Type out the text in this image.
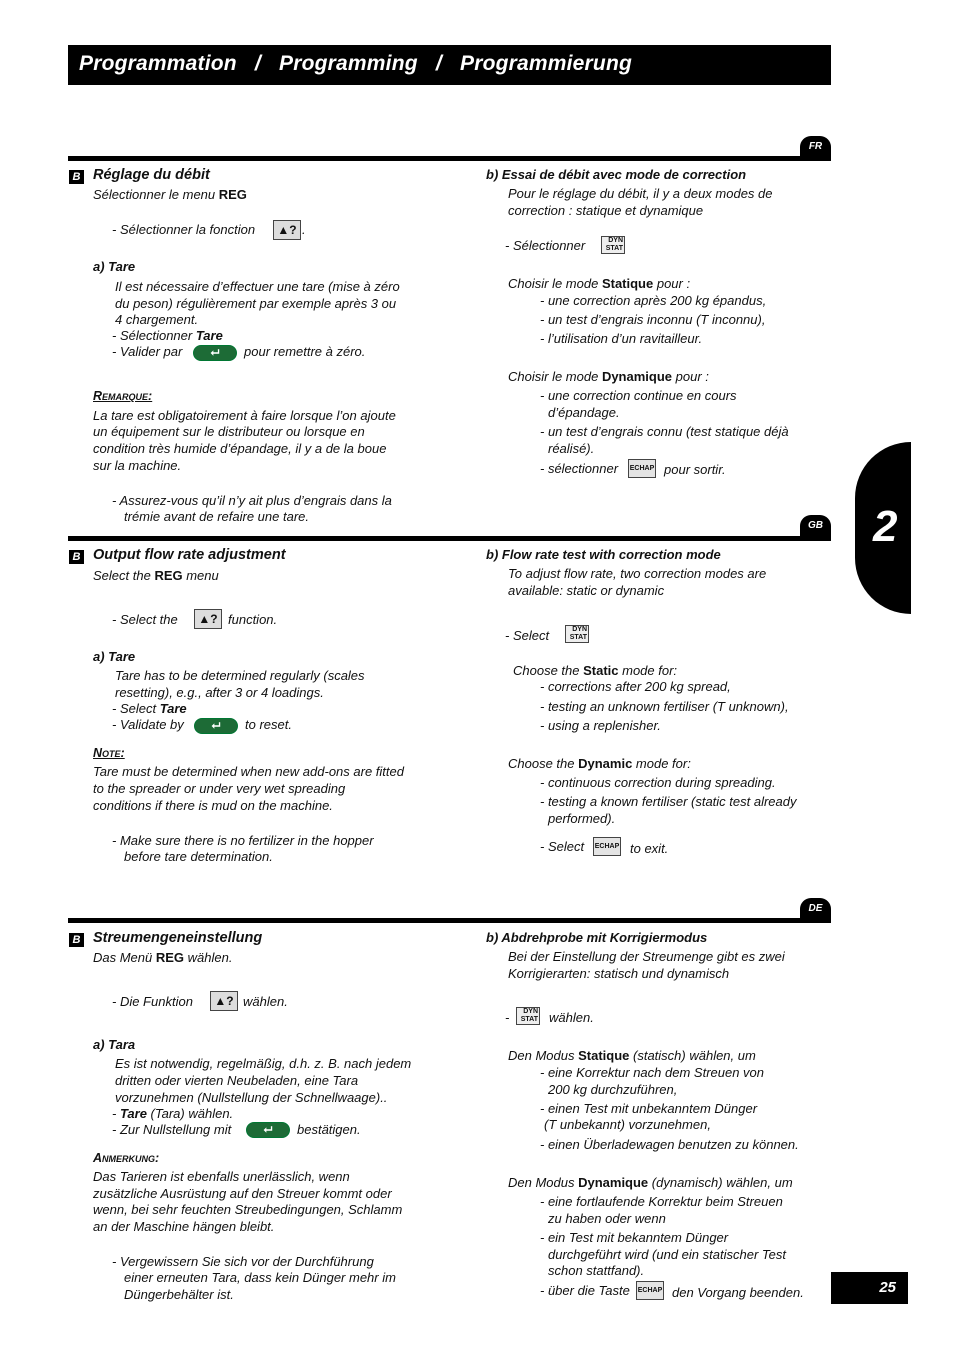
Programmation   /   Programming   /   Programmierung
2
25
FR
B Réglage du débit
Sélectionner le menu REG
- Sélectionner la fonction	▲? .
a) Tare
Il est nécessaire d’effectuer une tare (mise à zéro
du peson) régulièrement par exemple après 3 ou
4 chargement.
- Sélectionner Tare
- Valider par	⮠	pour remettre à zéro.
Remarque:
La tare est obligatoirement à faire lorsque l’on ajoute
un équipement sur le distributeur ou lorsque en
condition très humide d’épandage, il y a de la boue
sur la machine.
- Assurez-vous qu’il n’y ait plus d’engrais dans la
trémie avant de refaire une tare.
b) Essai de débit avec mode de correction
Pour le réglage du débit, il y a deux modes de
correction : statique et dynamique
- Sélectionner	DYN
STAT
Choisir le mode Statique pour :
- une correction après 200 kg épandus,
- un test d’engrais inconnu (T inconnu),
- l’utilisation d’un ravitailleur.
Choisir le mode Dynamique pour :
- une correction continue en cours
d’épandage.
- un test d’engrais connu (test statique déjà
réalisé).
- sélectionner ECHAP pour sortir.
GB
B Output flow rate adjustment
Select the REG menu
- Select the	▲? function.
a) Tare
Tare has to be determined regularly (scales
resetting), e.g., after 3 or 4 loadings.
- Select Tare
- Validate by	⮠	to reset.
Note:
Tare must be determined when new add-ons are fitted
to the spreader or under very wet spreading
conditions if there is mud on the machine.
- Make sure there is no fertilizer in the hopper
before tare determination.
b) Flow rate test with correction mode
To adjust flow rate, two correction modes are
available: static or dynamic
- Select	DYN
STAT
Choose the Static mode for:
- corrections after 200 kg spread,
- testing an unknown fertiliser (T unknown),
- using a replenisher.
Choose the Dynamic mode for:
- continuous correction during spreading.
- testing a known fertiliser (static test already
performed).
- Select ECHAP to exit.
DE
B Streumengeneinstellung
Das Menü REG wählen.
- Die Funktion	▲? wählen.
a) Tara
Es ist notwendig, regelmäßig, d.h. z. B. nach jedem
dritten oder vierten Neubeladen, eine Tara
vorzunehmen (Nullstellung der Schnellwaage)..
- Tare (Tara) wählen.
- Zur Nullstellung mit	⮠	bestätigen.
Anmerkung:
Das Tarieren ist ebenfalls unerlässlich, wenn
zusätzliche Ausrüstung auf den Streuer kommt oder
wenn, bei sehr feuchten Streubedingungen, Schlamm
an der Maschine hängen bleibt.
- Vergewissern Sie sich vor der Durchführung
einer erneuten Tara, dass kein Dünger mehr im
Düngerbehälter ist.
b) Abdrehprobe mit Korrigiermodus
Bei der Einstellung der Streumenge gibt es zwei
Korrigierarten: statisch und dynamisch
-	DYN
STAT wählen.
Den Modus Statique (statisch) wählen, um
- eine Korrektur nach dem Streuen von
200 kg durchzuführen,
- einen Test mit unbekanntem Dünger
(T unbekannt) vorzunehmen,
- einen Überladewagen benutzen zu können.
Den Modus Dynamique (dynamisch) wählen, um
- eine fortlaufende Korrektur beim Streuen
zu haben oder wenn
- ein Test mit bekanntem Dünger
durchgeführt wird (und ein statischer Test
schon stattfand).
- über die Taste ECHAP den Vorgang beenden.
